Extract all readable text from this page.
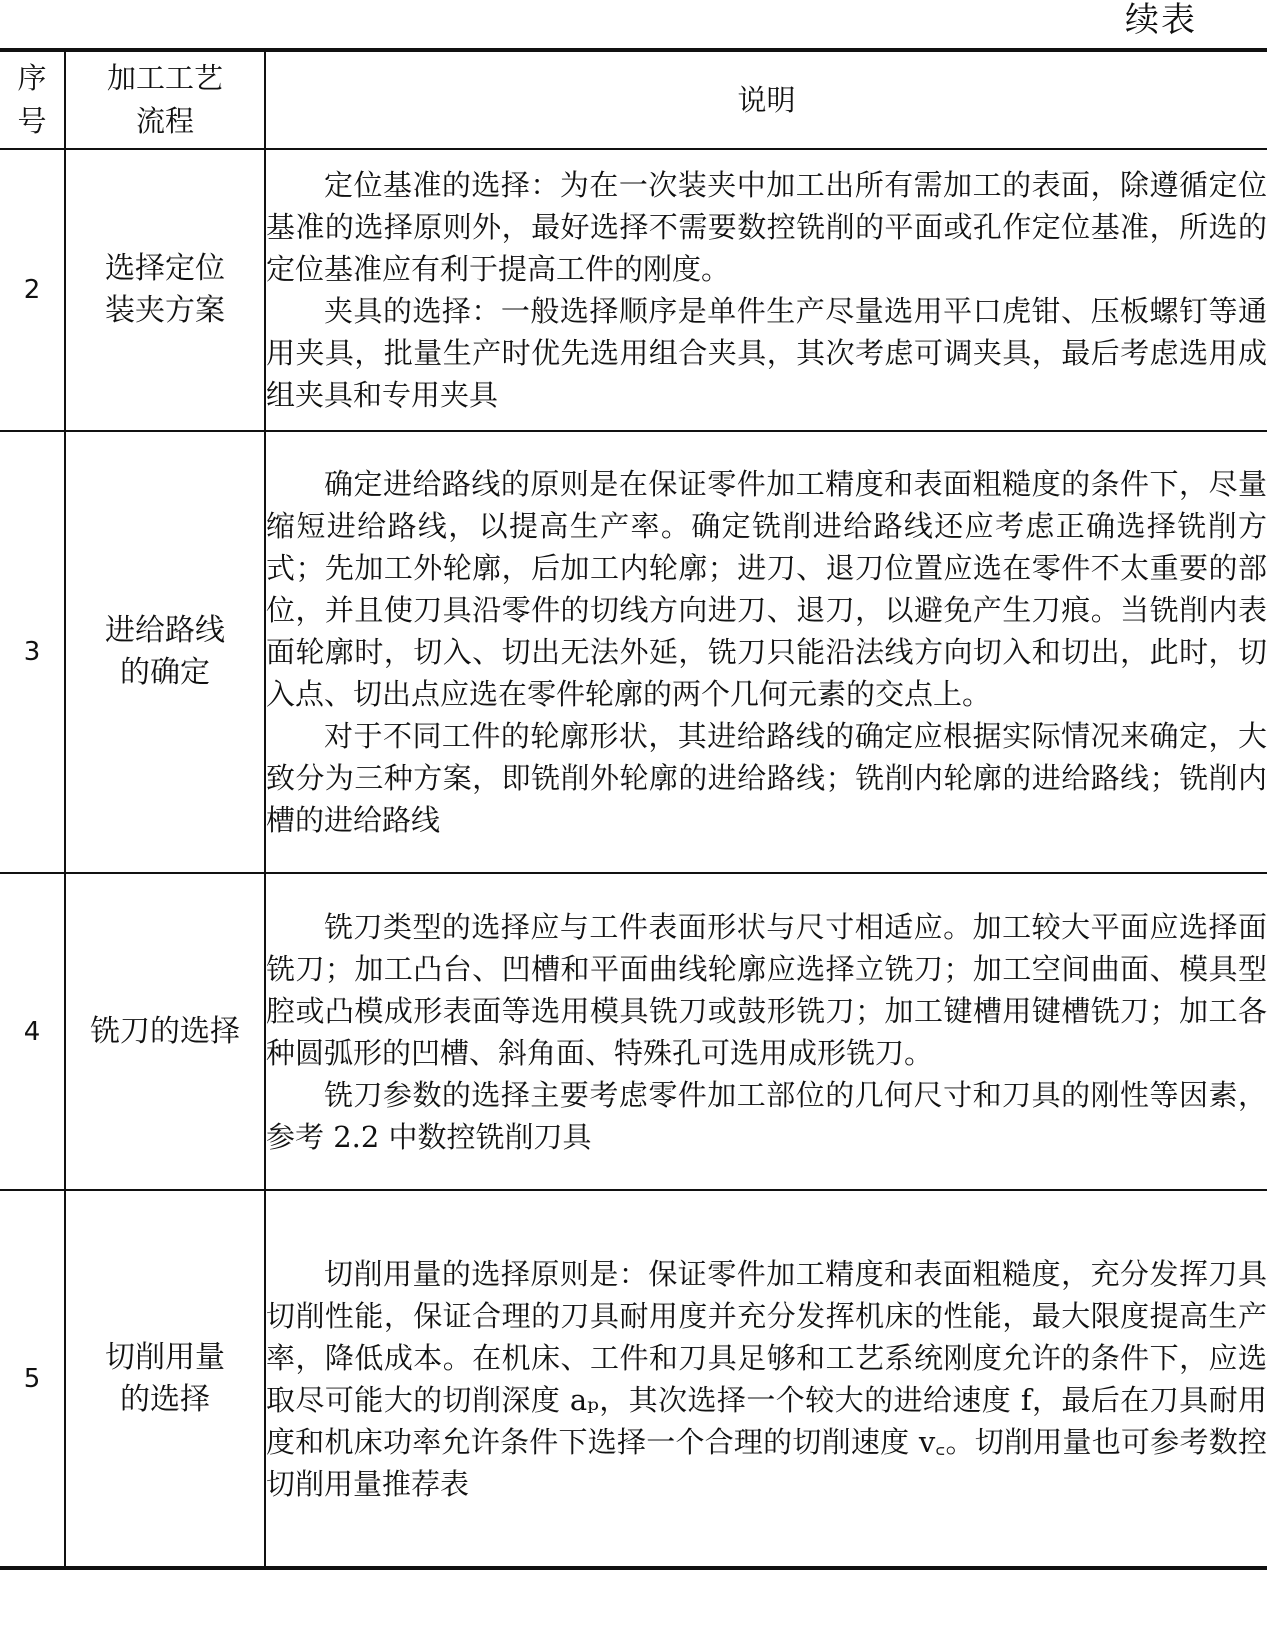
续表
序号	加工工艺流程	说明
2	选择定位装夹方案	定位基准的选择：为在一次装夹中加工出所有需加工的表面，除遵循定位基准的选择原则外，最好选择不需要数控铣削的平面或孔作定位基准，所选的定位基准应有利于提高工件的刚度。

夹具的选择：一般选择顺序是单件生产尽量选用平口虎钳、压板螺钉等通用夹具，批量生产时优先选用组合夹具，其次考虑可调夹具，最后考虑选用成组夹具和专用夹具

3	进给路线的确定	确定进给路线的原则是在保证零件加工精度和表面粗糙度的条件下，尽量缩短进给路线，以提高生产率。确定铣削进给路线还应考虑正确选择铣削方式；先加工外轮廓，后加工内轮廓；进刀、退刀位置应选在零件不太重要的部位，并且使刀具沿零件的切线方向进刀、退刀，以避免产生刀痕。当铣削内表面轮廓时，切入、切出无法外延，铣刀只能沿法线方向切入和切出，此时，切入点、切出点应选在零件轮廓的两个几何元素的交点上。

对于不同工件的轮廓形状，其进给路线的确定应根据实际情况来确定，大致分为三种方案，即铣削外轮廓的进给路线；铣削内轮廓的进给路线；铣削内槽的进给路线

4	铣刀的选择	铣刀类型的选择应与工件表面形状与尺寸相适应。加工较大平面应选择面铣刀；加工凸台、凹槽和平面曲线轮廓应选择立铣刀；加工空间曲面、模具型腔或凸模成形表面等选用模具铣刀或鼓形铣刀；加工键槽用键槽铣刀；加工各种圆弧形的凹槽、斜角面、特殊孔可选用成形铣刀。

铣刀参数的选择主要考虑零件加工部位的几何尺寸和刀具的刚性等因素，参考 2.2 中数控铣削刀具

5	切削用量的选择	切削用量的选择原则是：保证零件加工精度和表面粗糙度，充分发挥刀具切削性能，保证合理的刀具耐用度并充分发挥机床的性能，最大限度提高生产率，降低成本。在机床、工件和刀具足够和工艺系统刚度允许的条件下，应选取尽可能大的切削深度 aₚ，其次选择一个较大的进给速度 f，最后在刀具耐用度和机床功率允许条件下选择一个合理的切削速度 v꜀。切削用量也可参考数控切削用量推荐表
